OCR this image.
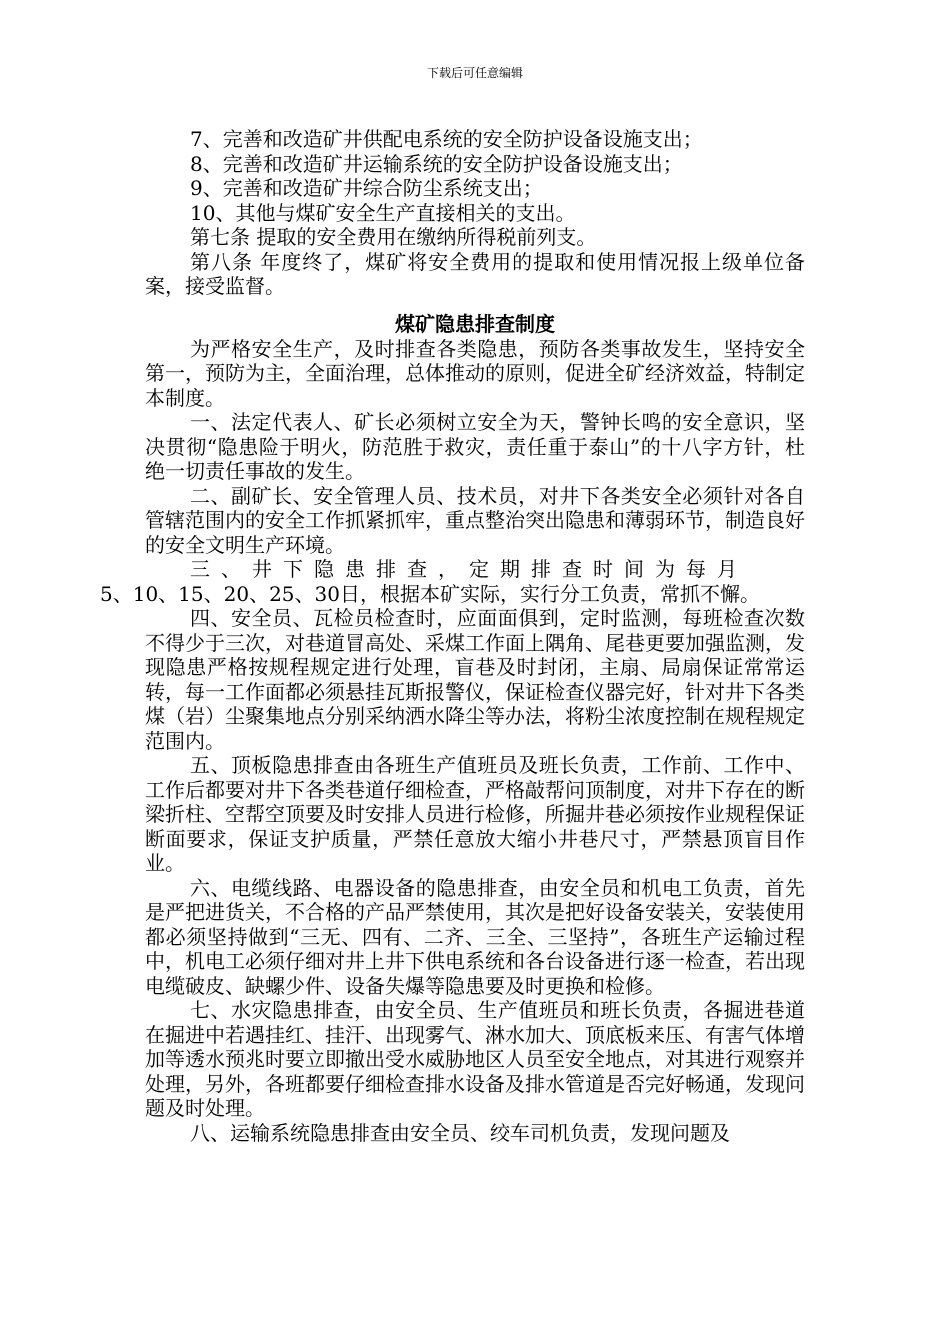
下载后可任意编辑

7、完善和改造矿井供配电系统的安全防护设备设施支出；

8、完善和改造矿井运输系统的安全防护设备设施支出；

9、完善和改造矿井综合防尘系统支出；

10、其他与煤矿安全生产直接相关的支出。

第七条 提取的安全费用在缴纳所得税前列支。

第八条 年度终了，煤矿将安全费用的提取和使用情况报上级单位备案，接受监督。

煤矿隐患排查制度

为严格安全生产，及时排查各类隐患，预防各类事故发生，坚持安全第一，预防为主，全面治理，总体推动的原则，促进全矿经济效益，特制定本制度。

一、法定代表人、矿长必须树立安全为天，警钟长鸣的安全意识，坚决贯彻“隐患险于明火，防范胜于救灾，责任重于泰山”的十八字方针，杜绝一切责任事故的发生。

二、副矿长、安全管理人员、技术员，对井下各类安全必须针对各自管辖范围内的安全工作抓紧抓牢，重点整治突出隐患和薄弱环节，制造良好的安全文明生产环境。

三、井下隐患排查，定期排查时间为每月
5、10、15、20、25、30日，根据本矿实际，实行分工负责，常抓不懈。

四、安全员、瓦检员检查时，应面面俱到，定时监测，每班检查次数不得少于三次，对巷道冒高处、采煤工作面上隅角、尾巷更要加强监测，发现隐患严格按规程规定进行处理，盲巷及时封闭，主扇、局扇保证常常运转，每一工作面都必须悬挂瓦斯报警仪，保证检查仪器完好，针对井下各类煤（岩）尘聚集地点分别采纳洒水降尘等办法，将粉尘浓度控制在规程规定范围内。

五、顶板隐患排查由各班生产值班员及班长负责，工作前、工作中、工作后都要对井下各类巷道仔细检查，严格敲帮问顶制度，对井下存在的断梁折柱、空帮空顶要及时安排人员进行检修，所掘井巷必须按作业规程保证断面要求，保证支护质量，严禁任意放大缩小井巷尺寸，严禁悬顶盲目作业。

六、电缆线路、电器设备的隐患排查，由安全员和机电工负责，首先是严把进货关，不合格的产品严禁使用，其次是把好设备安装关，安装使用都必须坚持做到“三无、四有、二齐、三全、三坚持”，各班生产运输过程中，机电工必须仔细对井上井下供电系统和各台设备进行逐一检查，若出现电缆破皮、缺螺少件、设备失爆等隐患要及时更换和检修。

七、水灾隐患排查，由安全员、生产值班员和班长负责，各掘进巷道在掘进中若遇挂红、挂汗、出现雾气、淋水加大、顶底板来压、有害气体增加等透水预兆时要立即撤出受水威胁地区人员至安全地点，对其进行观察并处理，另外，各班都要仔细检查排水设备及排水管道是否完好畅通，发现问题及时处理。

八、运输系统隐患排查由安全员、绞车司机负责，发现问题及
